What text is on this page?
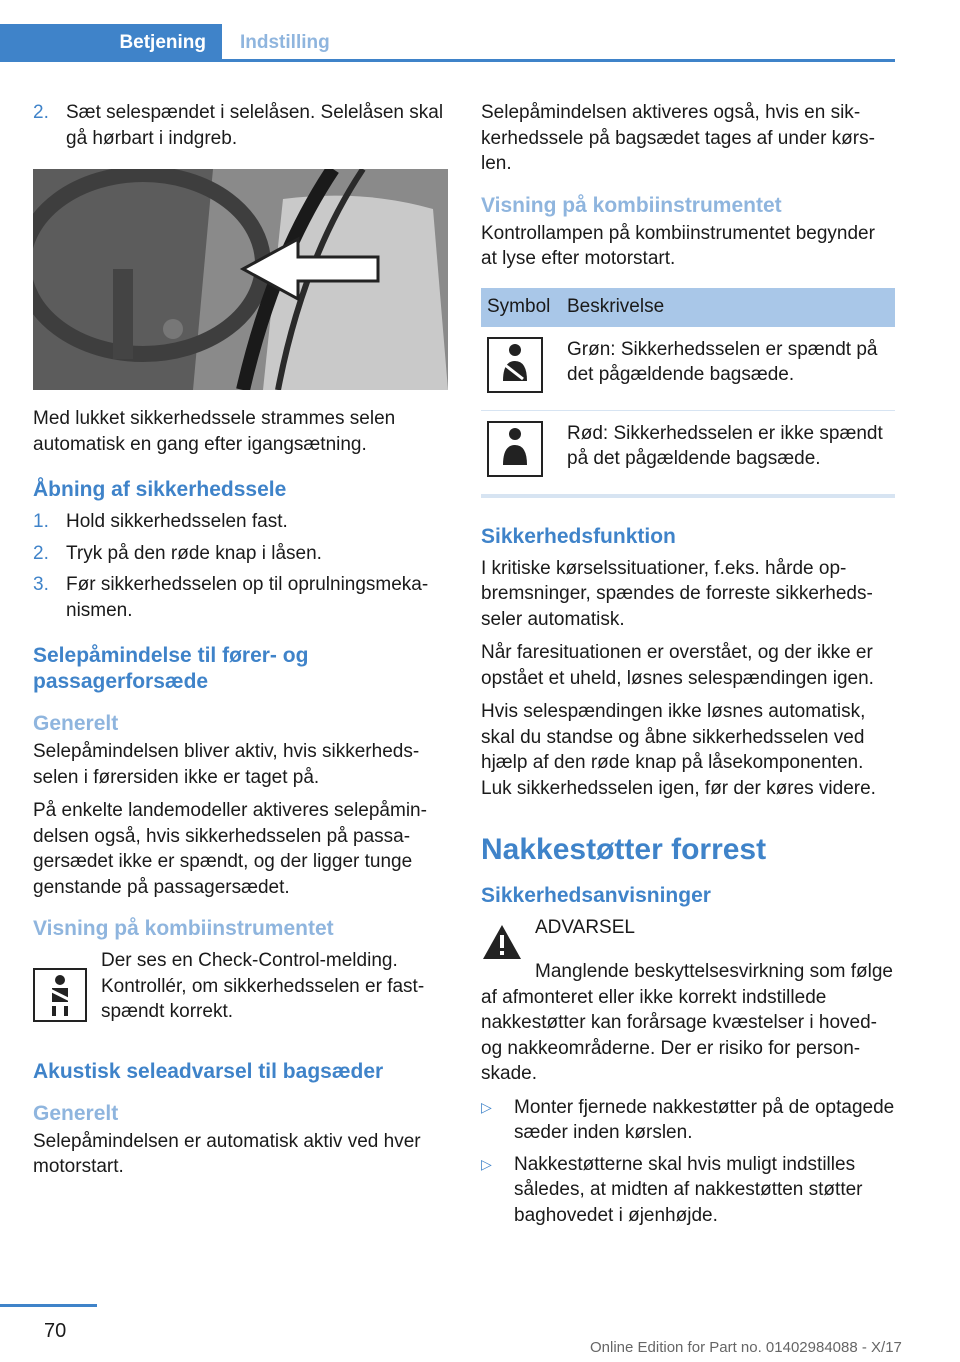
Betjening	Indstilling
2. Sæt selespændet i selelåsen. Selelåsen skal gå hørbart i indgreb.

Med lukket sikkerhedssele strammes selen automatisk en gang efter igangsætning.

Åbning af sikkerhedssele
1. Hold sikkerhedsselen fast.
2. Tryk på den røde knap i låsen.
3. Før sikkerhedsselen op til oprulningsmekanismen.
Selepåmindelse til fører- og passagerforsæde
Generelt

Selepåmindelsen bliver aktiv, hvis sikkerhedsselen i førersiden ikke er taget på.

På enkelte landemodeller aktiveres selepåmindelsen også, hvis sikkerhedsselen på passagersædet ikke er spændt, og der ligger tunge genstande på passagersædet.

Visning på kombiinstrumentet

Der ses en Check-Control-melding. Kontrollér, om sikkerhedsselen er fastspændt korrekt.

Akustisk seleadvarsel til bagsæder
Generelt

Selepåmindelsen er automatisk aktiv ved hver motorstart.

Selepåmindelsen aktiveres også, hvis en sikkerhedssele på bagsædet tages af under kørslen.

Visning på kombiinstrumentet

Kontrollampen på kombiinstrumentet begynder at lyse efter motorstart.

Symbol Beskrivelse
Grøn: Sikkerhedsselen er spændt på det pågældende bagsæde.
Rød: Sikkerhedsselen er ikke spændt på det pågældende bagsæde.
Sikkerhedsfunktion

I kritiske kørselssituationer, f.eks. hårde opbremsninger, spændes de forreste sikkerhedsseler automatisk.

Når faresituationen er overstået, og der ikke er opstået et uheld, løsnes selespændingen igen.

Hvis selespændingen ikke løsnes automatisk, skal du standse og åbne sikkerhedsselen ved hjælp af den røde knap på låsekomponenten. Luk sikkerhedsselen igen, før der køres videre.

Nakkestøtter forrest
Sikkerhedsanvisninger

ADVARSEL

Manglende beskyttelsesvirkning som følge af afmonteret eller ikke korrekt indstillede nakkestøtter kan forårsage kvæstelser i hoved- og nakkeområderne. Der er risiko for personskade.

▷ Monter fjernede nakkestøtter på de optagede sæder inden kørslen.
▷ Nakkestøtterne skal hvis muligt indstilles således, at midten af nakkestøtten støtter baghovedet i øjenhøjde.
70
Online Edition for Part no. 01402984088 - X/17
